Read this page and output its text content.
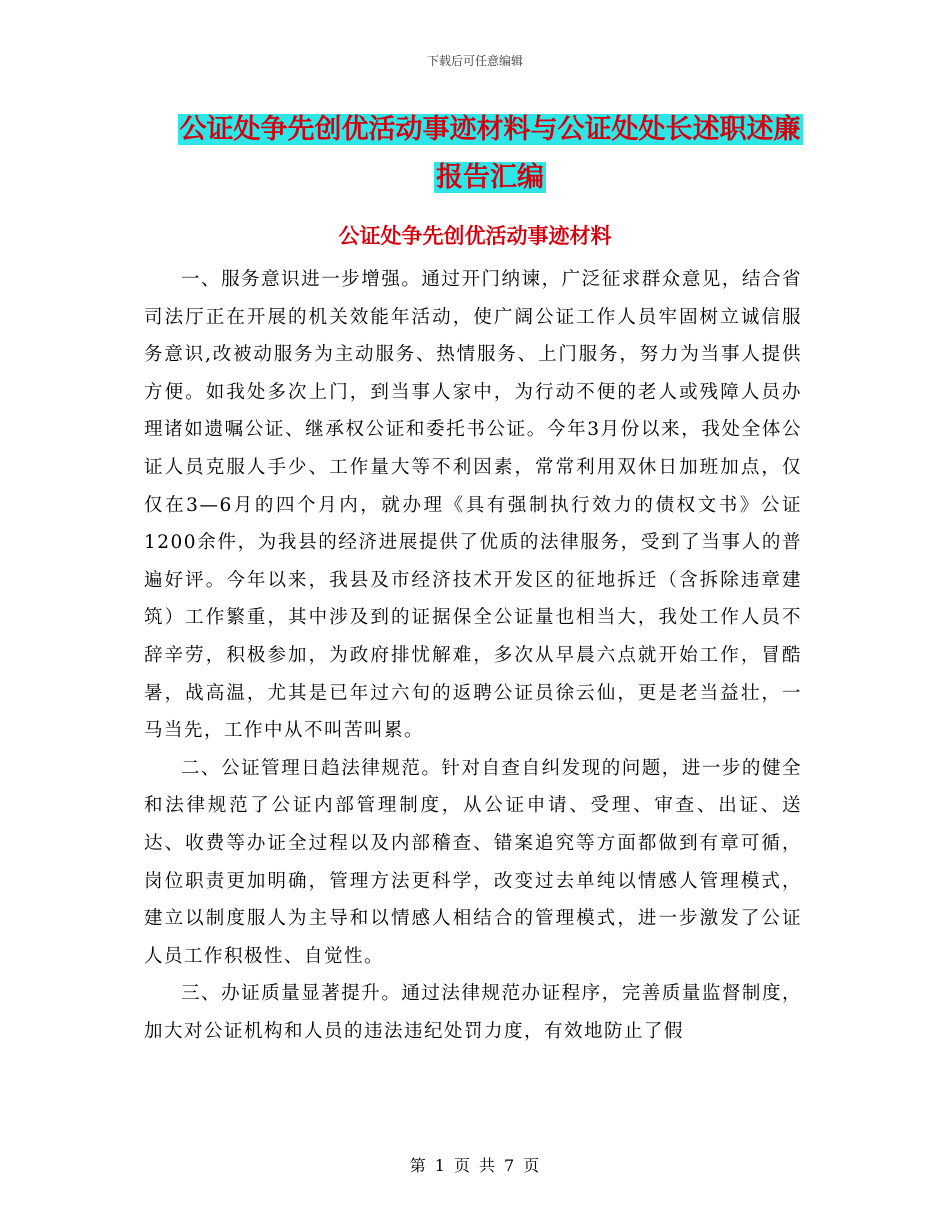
下载后可任意编辑
公证处争先创优活动事迹材料与公证处处长述职述廉
报告汇编
公证处争先创优活动事迹材料

一、服务意识进一步增强。通过开门纳谏，广泛征求群众意见，结合省司法厅正在开展的机关效能年活动，使广阔公证工作人员牢固树立诚信服务意识,改被动服务为主动服务、热情服务、上门服务，努力为当事人提供方便。如我处多次上门，到当事人家中，为行动不便的老人或残障人员办理诸如遗嘱公证、继承权公证和委托书公证。今年3月份以来，我处全体公证人员克服人手少、工作量大等不利因素，常常利用双休日加班加点，仅仅在3—6月的四个月内，就办理《具有强制执行效力的债权文书》公证1200余件，为我县的经济进展提供了优质的法律服务，受到了当事人的普遍好评。今年以来，我县及市经济技术开发区的征地拆迁（含拆除违章建筑）工作繁重，其中涉及到的证据保全公证量也相当大，我处工作人员不辞辛劳，积极参加，为政府排忧解难，多次从早晨六点就开始工作，冒酷暑，战高温，尤其是已年过六旬的返聘公证员徐云仙，更是老当益壮，一马当先，工作中从不叫苦叫累。

二、公证管理日趋法律规范。针对自查自纠发现的问题，进一步的健全和法律规范了公证内部管理制度，从公证申请、受理、审查、出证、送达、收费等办证全过程以及内部稽查、错案追究等方面都做到有章可循，岗位职责更加明确，管理方法更科学，改变过去单纯以情感人管理模式，建立以制度服人为主导和以情感人相结合的管理模式，进一步激发了公证人员工作积极性、自觉性。

三、办证质量显著提升。通过法律规范办证程序，完善质量监督制度，加大对公证机构和人员的违法违纪处罚力度，有效地防止了假

第 1 页 共 7 页
